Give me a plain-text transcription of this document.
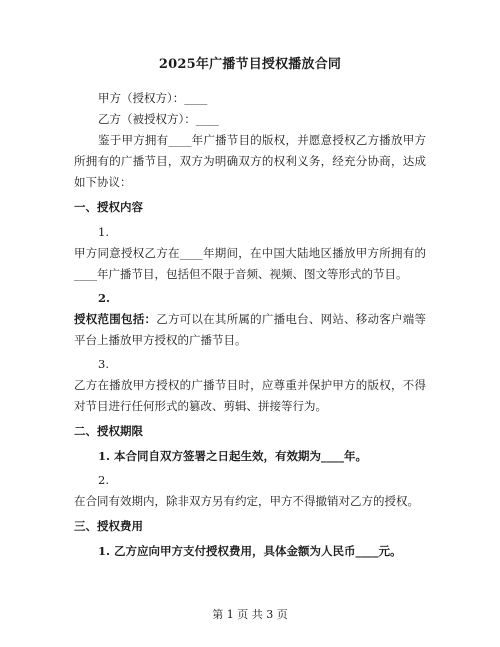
2025年广播节目授权播放合同
甲方（授权方）：____
乙方（被授权方）：____
鉴于甲方拥有____年广播节目的版权，并愿意授权乙方播放甲方所拥有的广播节目，双方为明确双方的权利义务，经充分协商，达成如下协议：
一、授权内容
1.
甲方同意授权乙方在____年期间，在中国大陆地区播放甲方所拥有的____年广播节目，包括但不限于音频、视频、图文等形式的节目。
2.
授权范围包括：乙方可以在其所属的广播电台、网站、移动客户端等平台上播放甲方授权的广播节目。
3.
乙方在播放甲方授权的广播节目时，应尊重并保护甲方的版权，不得对节目进行任何形式的篡改、剪辑、拼接等行为。
二、授权期限
1. 本合同自双方签署之日起生效，有效期为____年。
2.
在合同有效期内，除非双方另有约定，甲方不得撤销对乙方的授权。
三、授权费用
1. 乙方应向甲方支付授权费用，具体金额为人民币____元。
第 1 页 共 3 页
